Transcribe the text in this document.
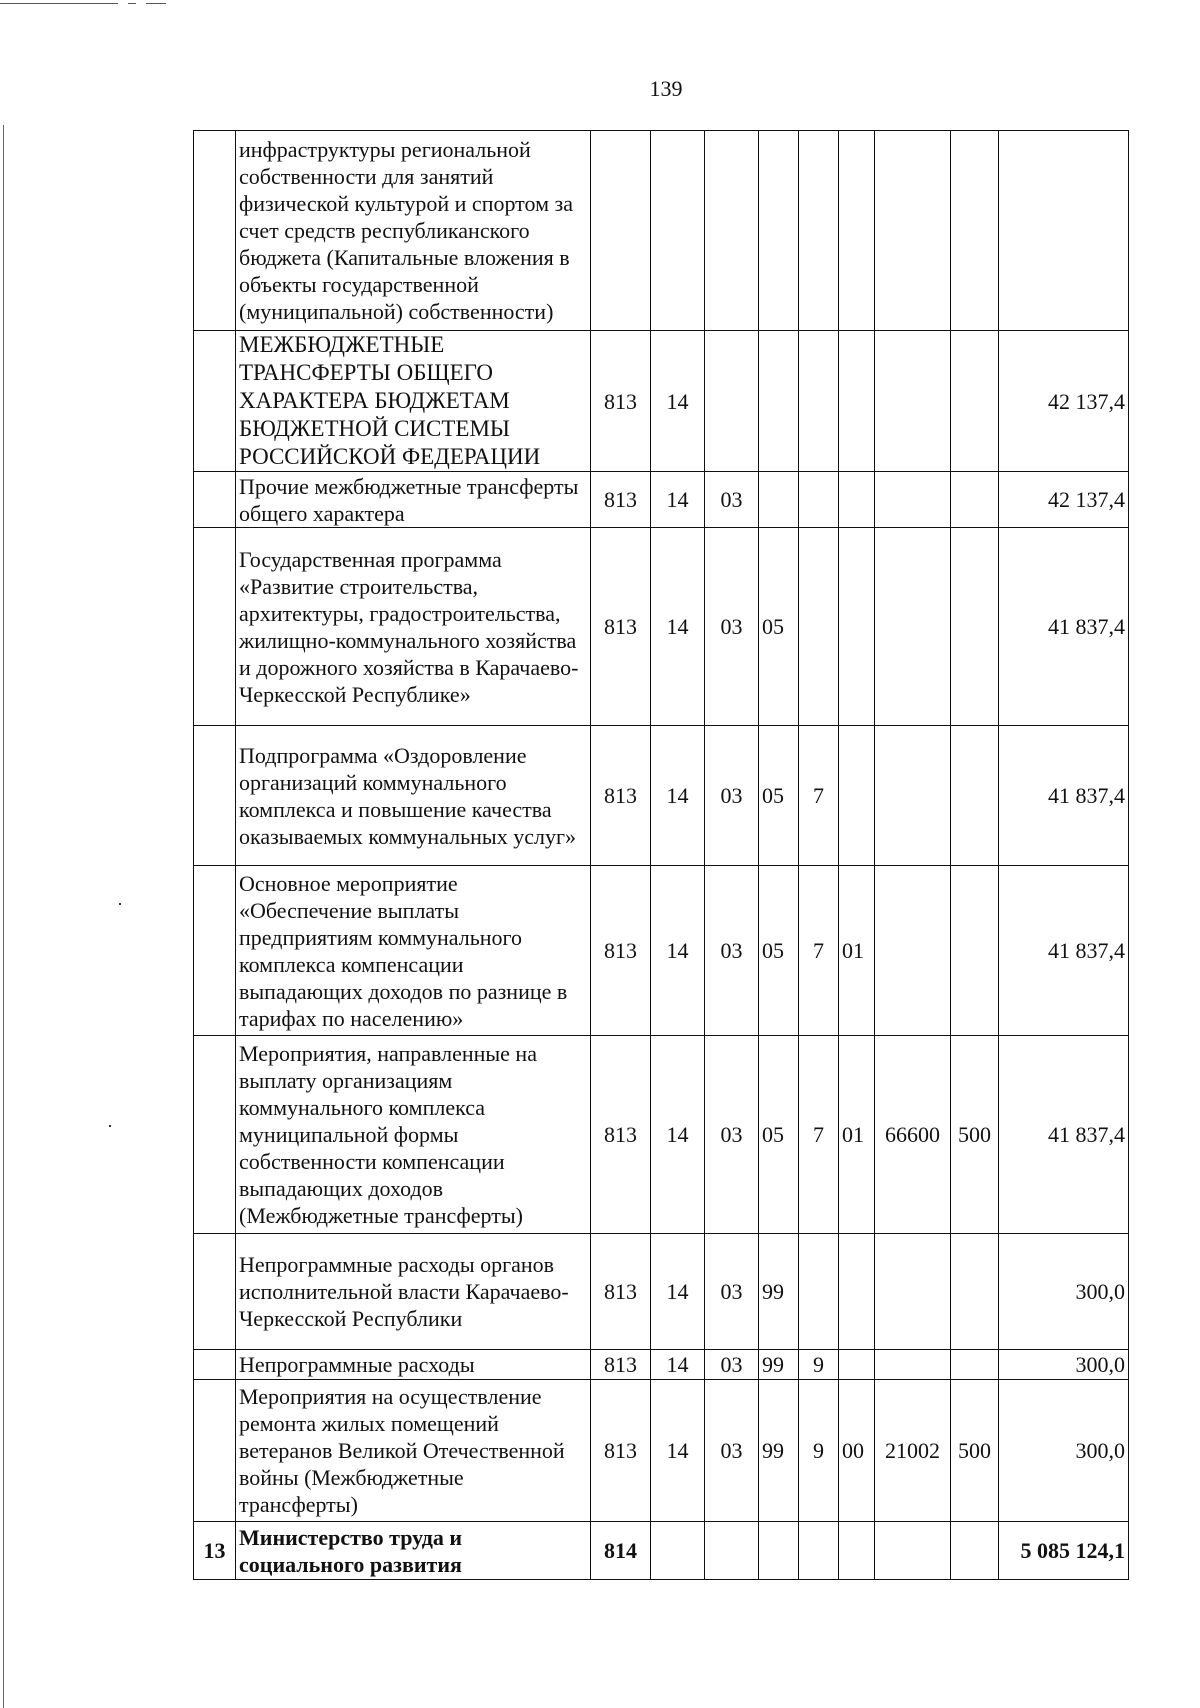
139
	инфраструктуры региональной собственности для занятий физической культурой и спортом за счет средств республиканского бюджета (Капитальные вложения в объекты государственной (муниципальной) собственности)									
	МЕЖБЮДЖЕТНЫЕ ТРАНСФЕРТЫ ОБЩЕГО ХАРАКТЕРА БЮДЖЕТАМ БЮДЖЕТНОЙ СИСТЕМЫ РОССИЙСКОЙ ФЕДЕРАЦИИ	813	14							42 137,4
	Прочие межбюджетные трансферты общего характера	813	14	03						42 137,4
	Государственная программа «Развитие строительства, архитектуры, градостроительства, жилищно-коммунального хозяйства и дорожного хозяйства в Карачаево-Черкесской Республике»	813	14	03	05					41 837,4
	Подпрограмма «Оздоровление организаций коммунального комплекса и повышение качества оказываемых коммунальных услуг»	813	14	03	05	7				41 837,4
	Основное мероприятие «Обеспечение выплаты предприятиям коммунального комплекса компенсации выпадающих доходов по разнице в тарифах по населению»	813	14	03	05	7	01			41 837,4
	Мероприятия, направленные на выплату организациям коммунального комплекса муниципальной формы собственности компенсации выпадающих доходов (Межбюджетные трансферты)	813	14	03	05	7	01	66600	500	41 837,4
	Непрограммные расходы органов исполнительной власти Карачаево-Черкесской Республики	813	14	03	99					300,0
	Непрограммные расходы	813	14	03	99	9				300,0
	Мероприятия на осуществление ремонта жилых помещений ветеранов Великой Отечественной войны (Межбюджетные трансферты)	813	14	03	99	9	00	21002	500	300,0
13	Министерство труда и социального развития	814								5 085 124,1
